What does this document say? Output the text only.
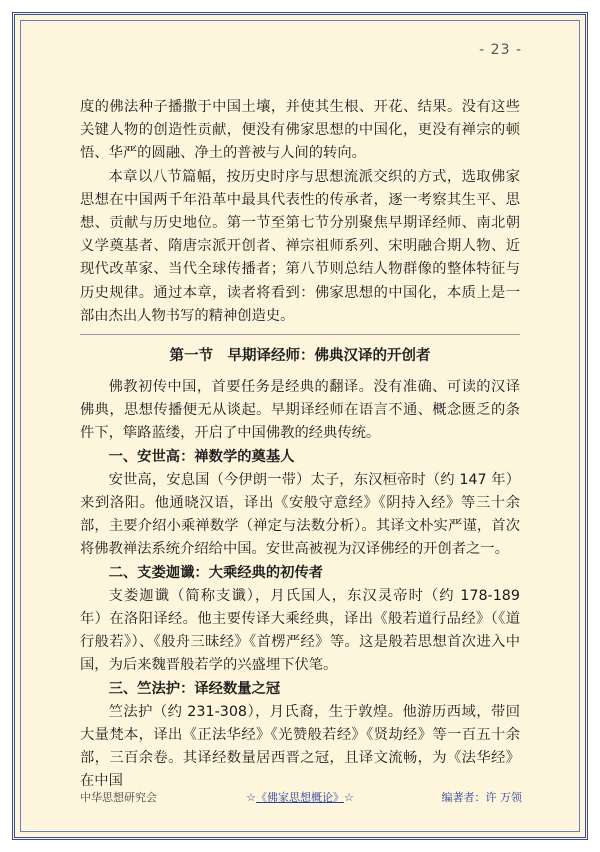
- 23 -

度的佛法种子播撒于中国土壤，并使其生根、开花、结果。没有这些关键人物的创造性贡献，便没有佛家思想的中国化，更没有禅宗的顿悟、华严的圆融、净土的普被与人间的转向。

本章以八节篇幅，按历史时序与思想流派交织的方式，选取佛家思想在中国两千年沿革中最具代表性的传承者，逐一考察其生平、思想、贡献与历史地位。第一节至第七节分别聚焦早期译经师、南北朝义学奠基者、隋唐宗派开创者、禅宗祖师系列、宋明融合期人物、近现代改革家、当代全球传播者；第八节则总结人物群像的整体特征与历史规律。通过本章，读者将看到：佛家思想的中国化，本质上是一部由杰出人物书写的精神创造史。

第一节　早期译经师：佛典汉译的开创者

佛教初传中国，首要任务是经典的翻译。没有准确、可读的汉译佛典，思想传播便无从谈起。早期译经师在语言不通、概念匮乏的条件下，筚路蓝缕，开启了中国佛教的经典传统。

一、安世高：禅数学的奠基人

安世高，安息国（今伊朗一带）太子，东汉桓帝时（约 147 年）来到洛阳。他通晓汉语，译出《安般守意经》《阴持入经》等三十余部，主要介绍小乘禅数学（禅定与法数分析）。其译文朴实严谨，首次将佛教禅法系统介绍给中国。安世高被视为汉译佛经的开创者之一。

二、支娄迦谶：大乘经典的初传者

支娄迦谶（简称支谶），月氏国人，东汉灵帝时（约 178-189 年）在洛阳译经。他主要传译大乘经典，译出《般若道行品经》（《道行般若》）、《般舟三昧经》《首楞严经》等。这是般若思想首次进入中国，为后来魏晋般若学的兴盛埋下伏笔。

三、竺法护：译经数量之冠

竺法护（约 231-308），月氏裔，生于敦煌。他游历西域，带回大量梵本，译出《正法华经》《光赞般若经》《贤劫经》等一百五十余部，三百余卷。其译经数量居西晋之冠，且译文流畅，为《法华经》在中国

中华思想研究会	☆《佛家思想概论》☆	编著者：许 万领
